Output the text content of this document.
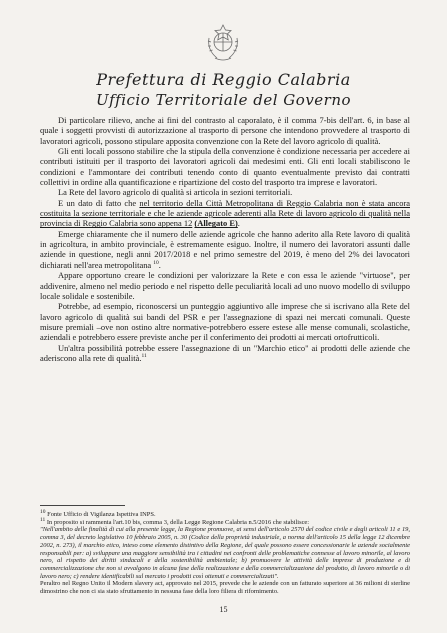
Prefettura di Reggio Calabria
Ufficio Territoriale del Governo

Di particolare rilievo, anche ai fini del contrasto al caporalato, è il comma 7-bis dell'art. 6, in base al quale i soggetti provvisti di autorizzazione al trasporto di persone che intendono provvedere al trasporto di lavoratori agricoli, possono stipulare apposita convenzione con la Rete del lavoro agricolo di qualità.

Gli enti locali possono stabilire che la stipula della convenzione è condizione necessaria per accedere ai contributi istituiti per il trasporto dei lavoratori agricoli dai medesimi enti. Gli enti locali stabiliscono le condizioni e l'ammontare dei contributi tenendo conto di quanto eventualmente previsto dai contratti collettivi in ordine alla quantificazione e ripartizione del costo del trasporto tra imprese e lavoratori.

La Rete del lavoro agricolo di qualità si articola in sezioni territoriali.

E un dato di fatto che nel territorio della Città Metropolitana di Reggio Calabria non è stata ancora costituita la sezione territoriale e che le aziende agricole aderenti alla Rete di lavoro agricolo di qualità nella provincia di Reggio Calabria sono appena 12 (Allegato E).

Emerge chiaramente che il numero delle aziende agricole che hanno aderito alla Rete lavoro di qualità in agricoltura, in ambito provinciale, è estremamente esiguo. Inoltre, il numero dei lavoratori assunti dalle aziende in questione, negli anni 2017/2018 e nel primo semestre del 2019, è meno del 2% dei lavocatori dichiarati nell'area metropolitana $^{10}$.

Appare opportuno creare le condizioni per valorizzare la Rete e con essa le aziende "virtuose", per addivenire, almeno nel medio periodo e nel rispetto delle peculiarità locali ad uno nuovo modello di sviluppo locale solidale e sostenibile.

Potrebbe, ad esempio, riconoscersi un punteggio aggiuntivo alle imprese che si iscrivano alla Rete del lavoro agricolo di qualità sui bandi del PSR e per l'assegnazione di spazi nei mercati comunali. Queste misure premiali –ove non ostino altre normative-potrebbero essere estese alle mense comunali, scolastiche, aziendali e potrebbero essere previste anche per il conferimento dei prodotti ai mercati ortofrutticoli.

Un'altra possibilità potrebbe essere l'assegnazione di un "Marchio etico" ai prodotti delle aziende che aderiscono alla rete di qualità.$^{11}$

$^{10}$ Fonte Ufficio di Vigilanza Ispettiva INPS.

$^{11}$ In proposito si rammenta l'art.10 bis, comma 3, della Legge Regione Calabria n.5/2016 che stabilisce:

"Nell'ambito delle finalità di cui alla presente legge, la Regione promuove, ai sensi dell'articolo 2570 del codice civile e degli articoli 11 e 19, comma 3, del decreto legislativo 10 febbraio 2005, n. 30 (Codice della proprietà industriale, a norma dell'articolo 15 della legge 12 dicembre 2002, n. 273), il marchio etico, inteso come elemento distintivo della Regione, del quale possono essere concessionarie le aziende socialmente responsabili per: a) sviluppare una maggiore sensibilità tra i cittadini nei confronti delle problematiche connesse al lavoro minorile, al lavoro nero, al rispetto dei diritti sindacali e della sostenibilità ambientale; b) promuovere le attività delle imprese di produzione e di commercializzazione che non si avvalgono in alcuna fase della realizzazione e della commercializzazione del prodotto, di lavoro minorile o di lavoro nero; c) rendere identificabili sul mercato i prodotti così ottenuti e commercializzati".

Peraltro nel Regno Unito il Modern slavery act, approvato nel 2015, prevede che le aziende con un fatturato superiore ai 36 milioni di sterline dimostrino che non ci sia stato sfruttamento in nessuna fase della loro filiera di rifornimento.

15
